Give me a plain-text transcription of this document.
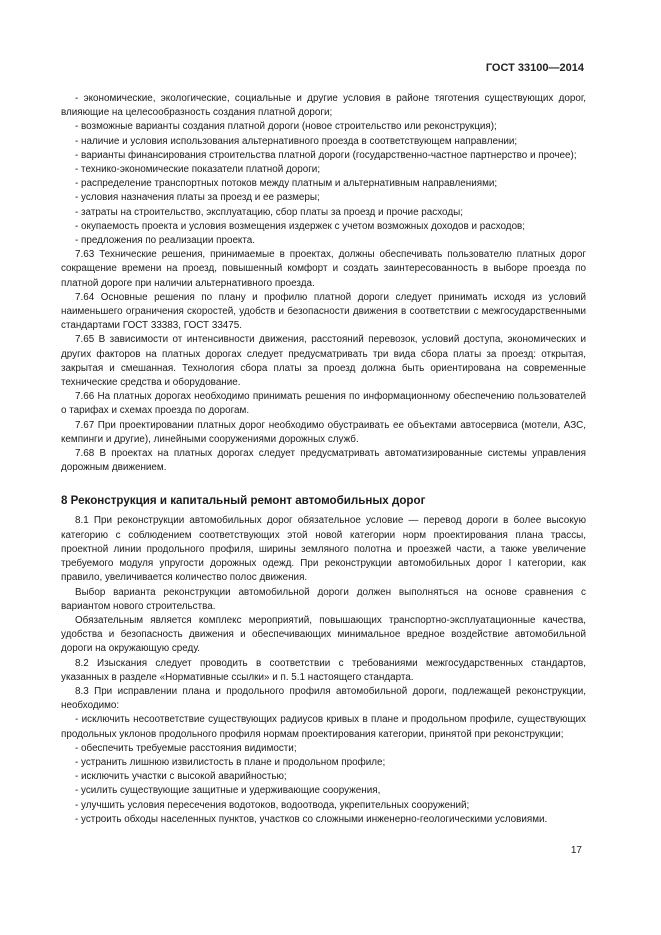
ГОСТ 33100—2014

- экономические, экологические, социальные и другие условия в районе тяготения существующих дорог, влияющие на целесообразность создания платной дороги;

- возможные варианты создания платной дороги (новое строительство или реконструкция);

- наличие и условия использования альтернативного проезда в соответствующем направлении;

- варианты финансирования строительства платной дороги (государственно-частное партнерство и прочее);

- технико-экономические показатели платной дороги;

- распределение транспортных потоков между платным и альтернативным направлениями;

- условия назначения платы за проезд и ее размеры;

- затраты на строительство, эксплуатацию, сбор платы за проезд и прочие расходы;

- окупаемость проекта и условия возмещения издержек с учетом возможных доходов и расходов;

- предложения по реализации проекта.

7.63 Технические решения, принимаемые в проектах, должны обеспечивать пользователю платных дорог сокращение времени на проезд, повышенный комфорт и создать заинтересованность в выборе проезда по платной дороге при наличии альтернативного проезда.

7.64 Основные решения по плану и профилю платной дороги следует принимать исходя из условий наименьшего ограничения скоростей, удобств и безопасности движения в соответствии с межгосударственными стандартами ГОСТ 33383, ГОСТ 33475.

7.65 В зависимости от интенсивности движения, расстояний перевозок, условий доступа, экономических и других факторов на платных дорогах следует предусматривать три вида сбора платы за проезд: открытая, закрытая и смешанная. Технология сбора платы за проезд должна быть ориентирована на современные технические средства и оборудование.

7.66 На платных дорогах необходимо принимать решения по информационному обеспечению пользователей о тарифах и схемах проезда по дорогам.

7.67 При проектировании платных дорог необходимо обустраивать ее объектами автосервиса (мотели, АЗС, кемпинги и другие), линейными сооружениями дорожных служб.

7.68 В проектах на платных дорогах следует предусматривать автоматизированные системы управления дорожным движением.

8 Реконструкция и капитальный ремонт автомобильных дорог

8.1 При реконструкции автомобильных дорог обязательное условие — перевод дороги в более высокую категорию с соблюдением соответствующих этой новой категории норм проектирования плана трассы, проектной линии продольного профиля, ширины земляного полотна и проезжей части, а также увеличение требуемого модуля упругости дорожных одежд. При реконструкции автомобильных дорог I категории, как правило, увеличивается количество полос движения.

Выбор варианта реконструкции автомобильной дороги должен выполняться на основе сравнения с вариантом нового строительства.

Обязательным является комплекс мероприятий, повышающих транспортно-эксплуатационные качества, удобства и безопасность движения и обеспечивающих минимальное вредное воздействие автомобильной дороги на окружающую среду.

8.2 Изыскания следует проводить в соответствии с требованиями межгосударственных стандартов, указанных в разделе «Нормативные ссылки» и п. 5.1 настоящего стандарта.

8.3 При исправлении плана и продольного профиля автомобильной дороги, подлежащей реконструкции, необходимо:

- исключить несоответствие существующих радиусов кривых в плане и продольном профиле, существующих продольных уклонов продольного профиля нормам проектирования категории, принятой при реконструкции;

- обеспечить требуемые расстояния видимости;

- устранить лишнюю извилистость в плане и продольном профиле;

- исключить участки с высокой аварийностью;

- усилить существующие защитные и удерживающие сооружения,

- улучшить условия пересечения водотоков, водоотвода, укрепительных сооружений;

- устроить обходы населенных пунктов, участков со сложными инженерно-геологическими условиями.

17
